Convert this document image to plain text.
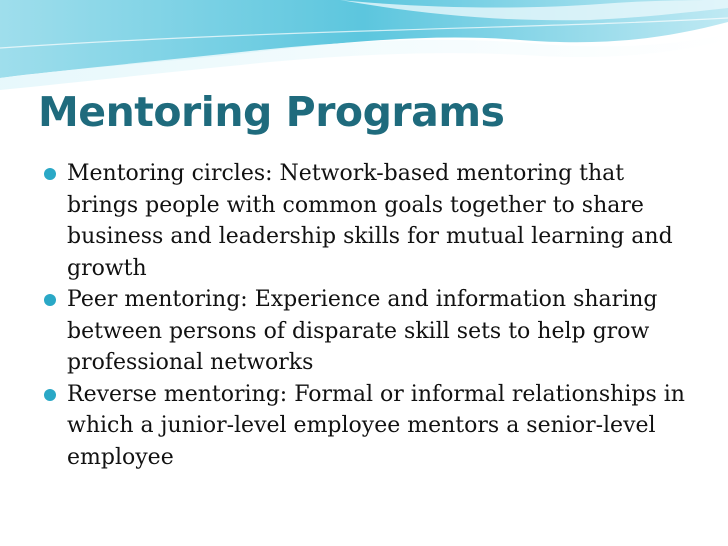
Mentoring Programs
Mentoring circles: Network-based mentoring that brings people with common goals together to share business and leadership skills for mutual learning and growth
Peer mentoring: Experience and information sharing between persons of disparate skill sets to help grow professional networks
Reverse mentoring: Formal or informal relationships in which a junior-level employee mentors a senior-level employee
